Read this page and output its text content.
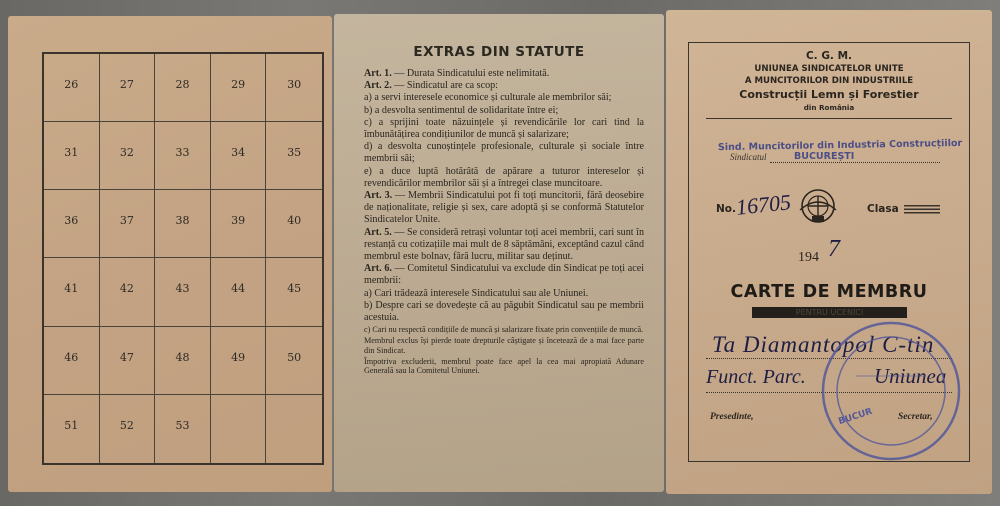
26	27	28	29	30
31	32	33	34	35
36	37	38	39	40
41	42	43	44	45
46	47	48	49	50
51	52	53
EXTRAS DIN STATUTE

Art. 1. — Durata Sindicatului este nelimitată.

Art. 2. — Sindicatul are ca scop:

a) a servi interesele economice și culturale ale membrilor săi;

b) a desvolta sentimentul de solidaritate între ei;

c) a sprijini toate năzuințele și revendicările lor cari tind la îmbunătățirea condițiunilor de muncă și salarizare;

d) a desvolta cunoștințele profesionale, culturale și sociale între membrii săi;

e) a duce luptă hotărâtă de apărare a tuturor intereselor și revendicărilor membrilor săi și a întregei clase muncitoare.

Art. 3. — Membrii Sindicatului pot fi toți muncitorii, fără deosebire de naționalitate, religie și sex, care adoptă și se conformă Statutelor Sindicatelor Unite.

Art. 5. — Se consideră retrași voluntar toți acei membrii, cari sunt în restanță cu cotizațiile mai mult de 8 săptămâni, exceptând cazul când membrul este bolnav, fără lucru, militar sau deținut.

Art. 6. — Comitetul Sindicatului va exclude din Sindicat pe toți acei membrii:

a) Cari trădează interesele Sindicatului sau ale Uniunei.

b) Despre cari se dovedește că au păgubit Sindicatul sau pe membrii acestuia.

c) Cari nu respectă condițiile de muncă și salarizare fixate prin convențiile de muncă.

Membrul exclus își pierde toate drepturile câștigate și încetează de a mai face parte din Sindicat.

Împotriva excluderii, membrul poate face apel la cea mai apropiată Adunare Generală sau la Comitetul Uniunei.

C. G. M.
UNIUNEA SINDICATELOR UNITE
A MUNCITORILOR DIN INDUSTRIILE
Construcții Lemn și Forestier
din România
Sind. Muncitorilor din Industria Construcțiilor
Sindicatul	BUCUREȘTI
No.
16705	Clasa
194 7
CARTE DE MEMBRU
PENTRU UCENICI
Ta Diamantopol C-tin
Funct. Parc.	Uniunea
Presedinte,	Secretar,
BUCUR
